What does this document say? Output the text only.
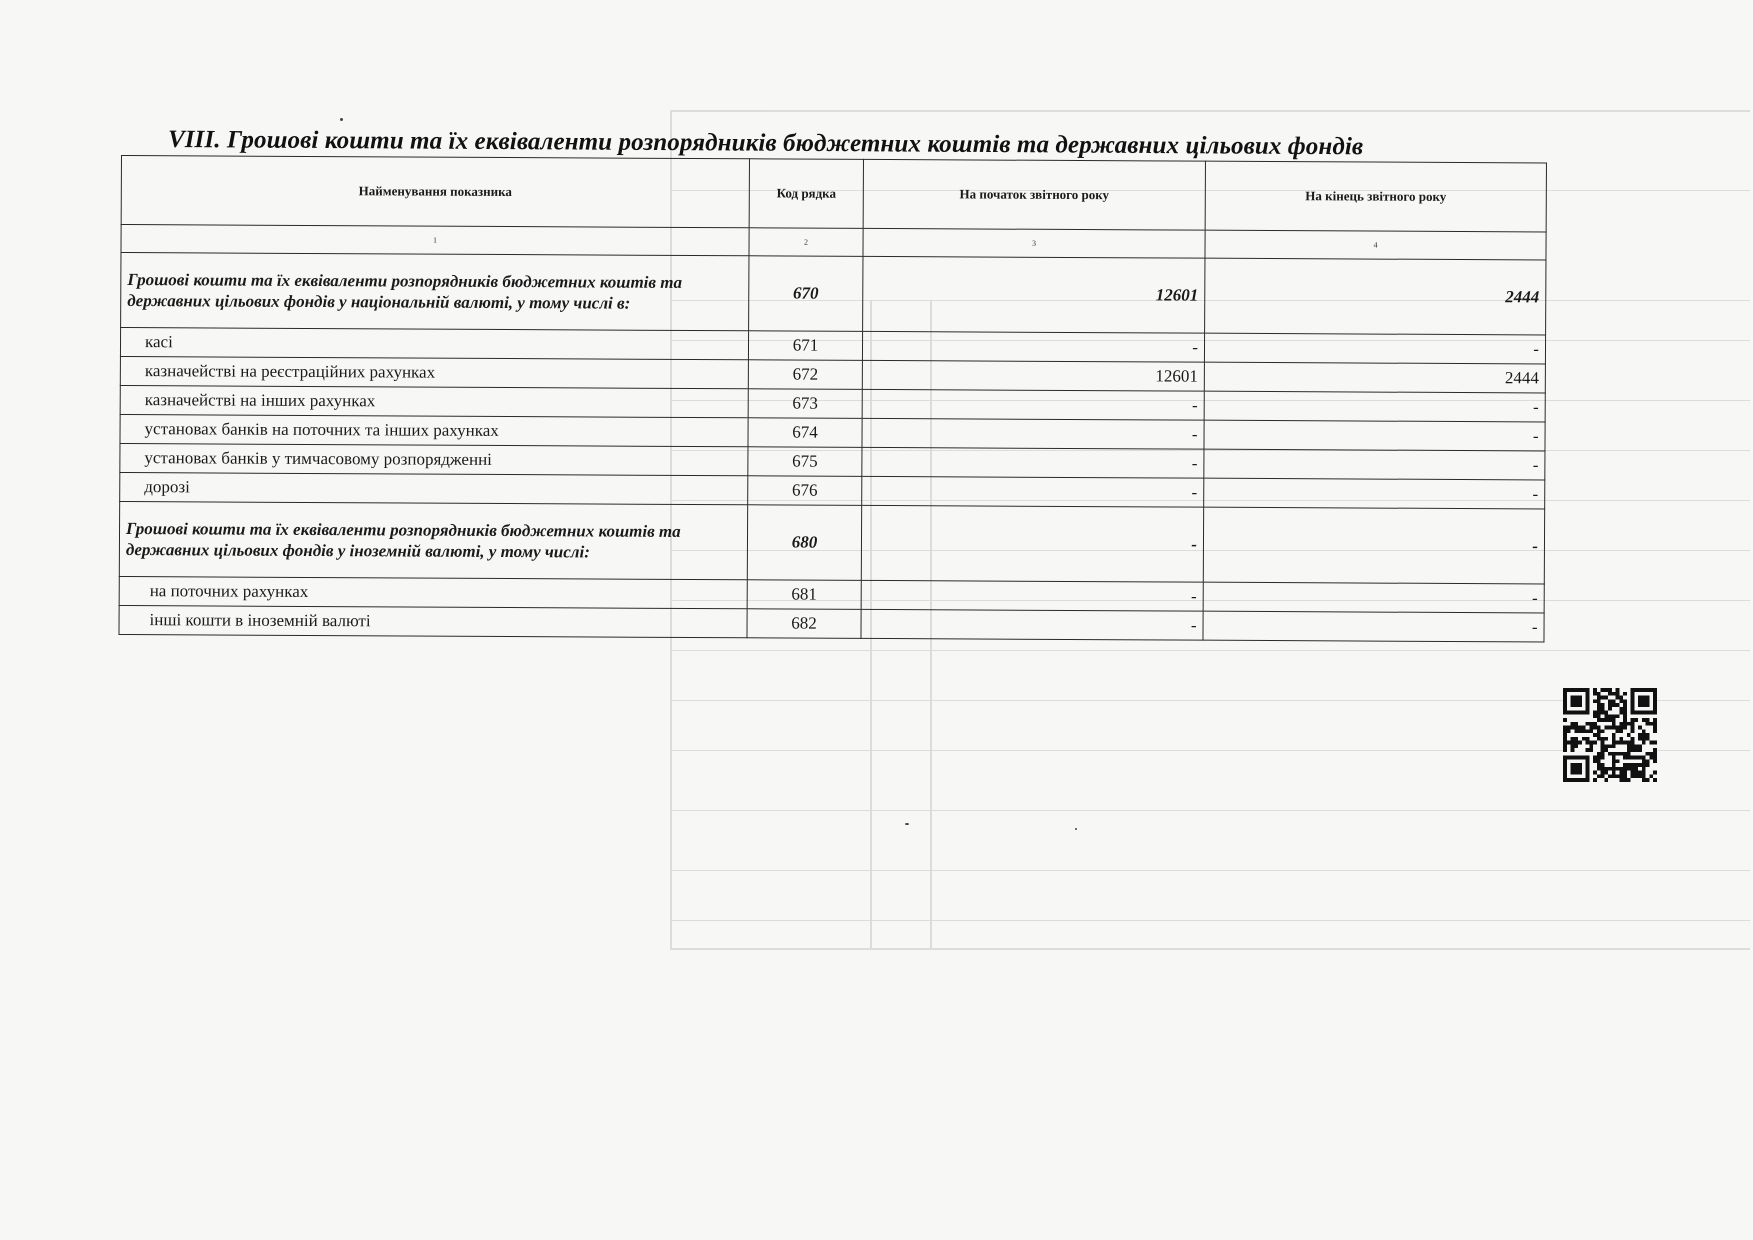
VIII. Грошові кошти та їх еквіваленти розпорядників бюджетних коштів та державних цільових фондів
Найменування показника	Код рядка	На початок звітного року	На кінець звітного року
1	2	3	4
Грошові кошти та їх еквіваленти розпорядників бюджетних коштів та державних цільових фондів у національній валюті, у тому числі в:	670	12601	2444
касі	671	-	-
казначействі на реєстраційних рахунках	672	12601	2444
казначействі на інших рахунках	673	-	-
установах банків на поточних та інших рахунках	674	-	-
установах банків у тимчасовому розпорядженні	675	-	-
дорозі	676	-	-
Грошові кошти та їх еквіваленти розпорядників бюджетних коштів та державних цільових фондів у іноземній валюті, у тому числі:	680	-	-
на поточних рахунках	681	-	-
інші кошти в іноземній валюті	682	-	-
